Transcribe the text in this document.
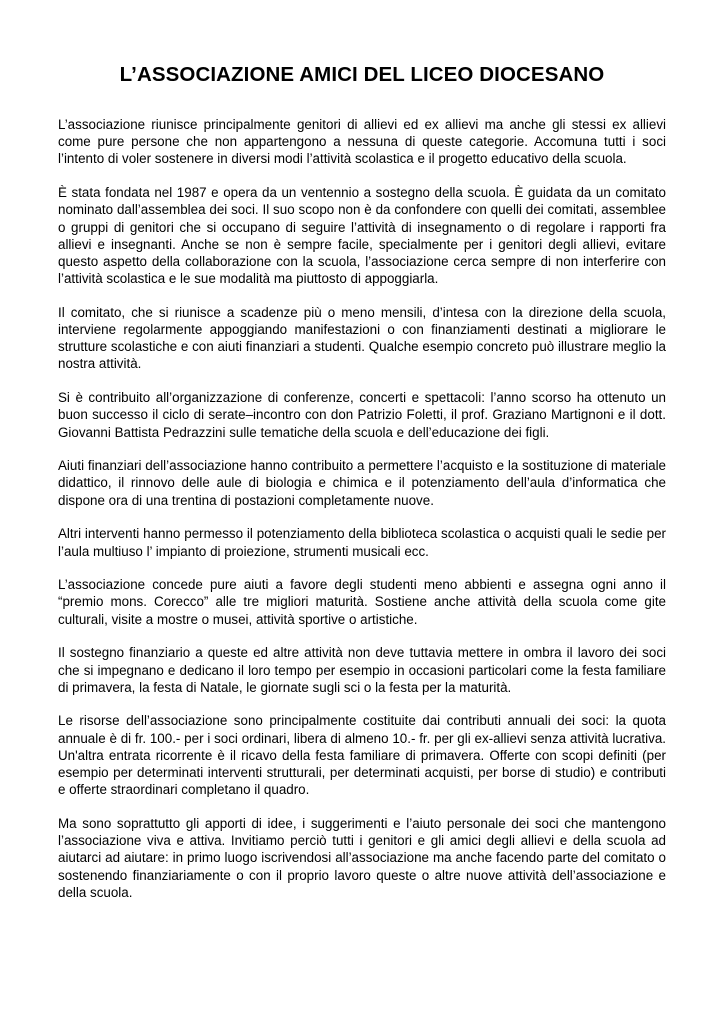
L’ASSOCIAZIONE AMICI DEL LICEO DIOCESANO

L’associazione riunisce principalmente genitori di allievi ed ex allievi ma anche gli stessi ex allievi come pure persone che non appartengono a nessuna di queste categorie. Accomuna tutti i soci l’intento di voler sostenere in diversi modi l’attività scolastica e il progetto educativo della scuola.

È stata fondata nel 1987 e opera da un ventennio a sostegno della scuola. È guidata da un comitato nominato dall’assemblea dei soci. Il suo scopo non è da confondere con quelli dei comitati, assemblee o gruppi di genitori che si occupano di seguire l’attività di insegnamento o di regolare i rapporti fra allievi e insegnanti. Anche se non è sempre facile, specialmente per i genitori degli allievi, evitare questo aspetto della collaborazione con la scuola, l’associazione cerca sempre di non interferire con l’attività scolastica e le sue modalità ma piuttosto di appoggiarla.

Il comitato, che si riunisce a scadenze più o meno mensili, d’intesa con la direzione della scuola, interviene regolarmente appoggiando manifestazioni o con finanziamenti destinati a migliorare le strutture scolastiche e con aiuti finanziari a studenti. Qualche esempio concreto può illustrare meglio la nostra attività.

Si è contribuito all’organizzazione di conferenze, concerti e spettacoli: l’anno scorso ha ottenuto un buon successo il ciclo di serate–incontro con don Patrizio Foletti, il prof. Graziano Martignoni e il dott. Giovanni Battista Pedrazzini sulle tematiche della scuola e dell’educazione dei figli.

Aiuti finanziari dell’associazione hanno contribuito a permettere l’acquisto e la sostituzione di materiale didattico, il rinnovo delle aule di biologia e chimica e il potenziamento dell’aula d’informatica che dispone ora di una trentina di postazioni completamente nuove.

Altri interventi hanno permesso il potenziamento della biblioteca scolastica o acquisti quali le sedie per l’aula multiuso l’ impianto di proiezione, strumenti musicali ecc.

L’associazione concede pure aiuti a favore degli studenti meno abbienti e assegna ogni anno il “premio mons. Corecco” alle tre migliori maturità. Sostiene anche attività della scuola come gite culturali, visite a mostre o musei, attività sportive o artistiche.

Il sostegno finanziario a queste ed altre attività non deve tuttavia mettere in ombra il lavoro dei soci che si impegnano e dedicano il loro tempo per esempio in occasioni particolari come la festa familiare di primavera, la festa di Natale, le giornate sugli sci o la festa per la maturità.

Le risorse dell’associazione sono principalmente costituite dai contributi annuali dei soci: la quota annuale è di fr. 100.- per i soci ordinari, libera di almeno 10.- fr. per gli ex-allievi senza attività lucrativa. Un'altra entrata ricorrente è il ricavo della festa familiare di primavera. Offerte con scopi definiti (per esempio per determinati interventi strutturali, per determinati acquisti, per borse di studio) e contributi e offerte straordinari completano il quadro.

Ma sono soprattutto gli apporti di idee, i suggerimenti e l’aiuto personale dei soci che mantengono l’associazione viva e attiva. Invitiamo perciò tutti i genitori e gli amici degli allievi e della scuola ad aiutarci ad aiutare: in primo luogo iscrivendosi all’associazione ma anche facendo parte del comitato o sostenendo finanziariamente o con il proprio lavoro queste o altre nuove attività dell’associazione e della scuola.
